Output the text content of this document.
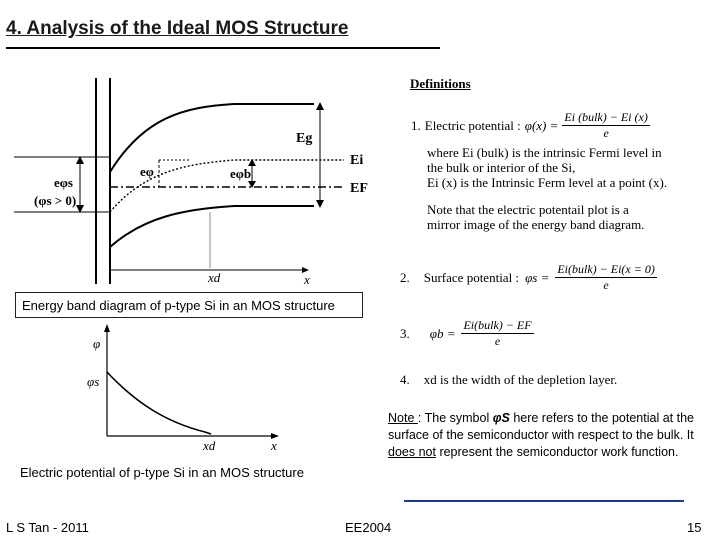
4. Analysis of the Ideal MOS Structure
x
xd
Eg
Ei
EF
eφs
(φs > 0)
eφ	eφb
Energy band diagram of p-type Si in an MOS structure
φ
φs
xd	x
Electric potential of p-type Si in an MOS structure
Definitions
1. Electric potential : $\varphi(x) = \frac{\text{Ei (bulk) − Ei (x)}}{e}$
where Ei (bulk) is the intrinsic Fermi level in
the bulk or interior of the Si,
Ei (x) is the Intrinsic Ferm level at a point (x).
Note that the electric potentail plot is a
mirror image of the energy band diagram.
2. Surface potential : $\varphi s = \frac{\text{Ei(bulk) − Ei(x = 0)}}{e}$
3. $\varphi b = \frac{\text{Ei(bulk) − EF}}{e}$
4. xd is the width of the depletion layer.
Note : The symbol φS here refers to the potential at the surface of the semiconductor with respect to the bulk. It does not represent the semiconductor work function.
L S Tan - 2011	EE2004	15
